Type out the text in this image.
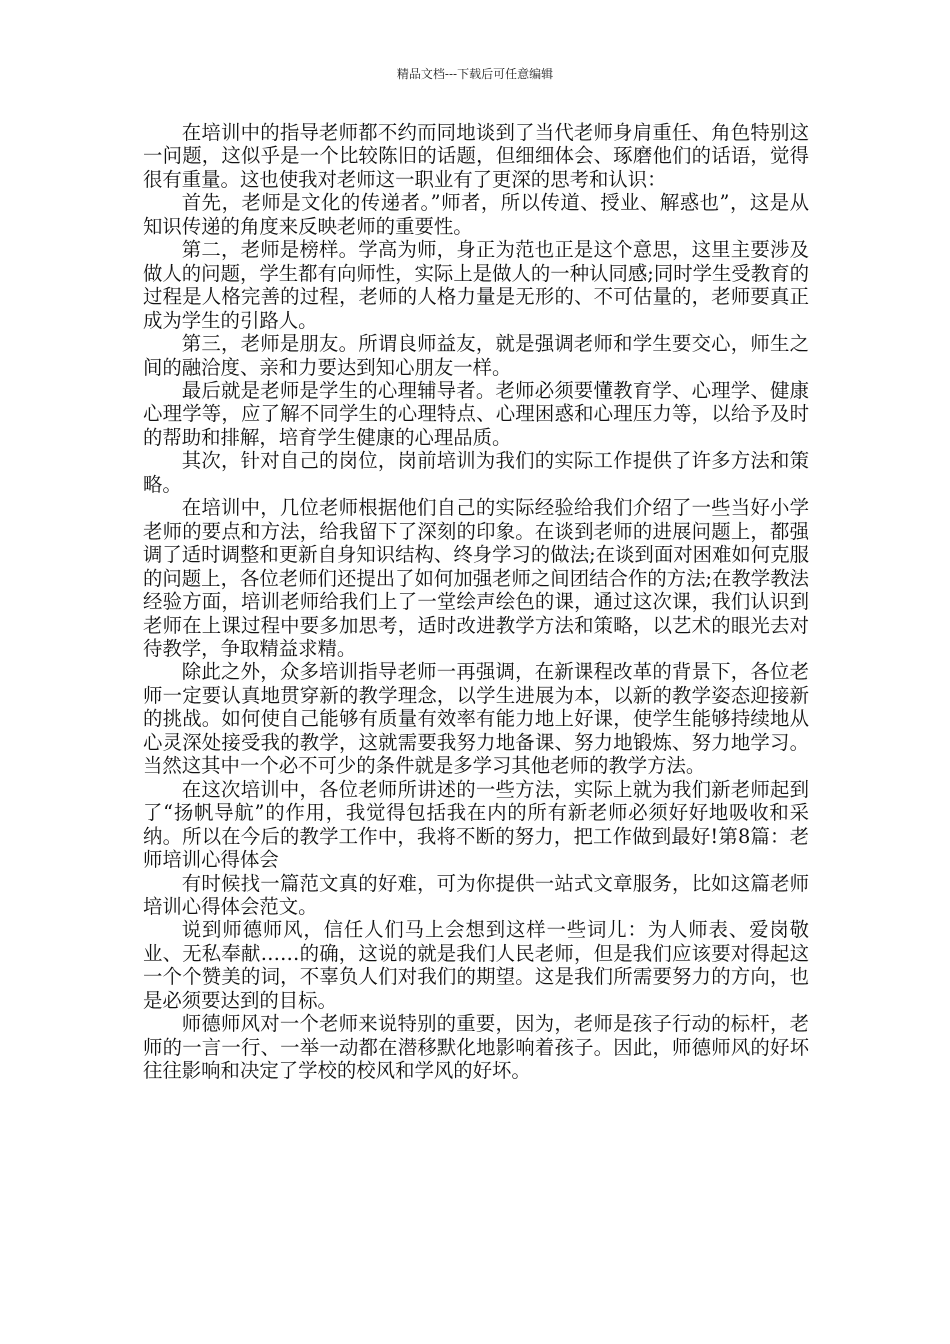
精品文档---下载后可任意编辑

在培训中的指导老师都不约而同地谈到了当代老师身肩重任、角色特别这一问题，这似乎是一个比较陈旧的话题，但细细体会、琢磨他们的话语，觉得很有重量。这也使我对老师这一职业有了更深的思考和认识：

首先，老师是文化的传递者。”师者，所以传道、授业、解惑也”，这是从知识传递的角度来反映老师的重要性。

第二，老师是榜样。学高为师，身正为范也正是这个意思，这里主要涉及做人的问题，学生都有向师性，实际上是做人的一种认同感;同时学生受教育的过程是人格完善的过程，老师的人格力量是无形的、不可估量的，老师要真正成为学生的引路人。

第三，老师是朋友。所谓良师益友，就是强调老师和学生要交心，师生之间的融洽度、亲和力要达到知心朋友一样。

最后就是老师是学生的心理辅导者。老师必须要懂教育学、心理学、健康心理学等，应了解不同学生的心理特点、心理困惑和心理压力等，以给予及时的帮助和排解，培育学生健康的心理品质。

其次，针对自己的岗位，岗前培训为我们的实际工作提供了许多方法和策略。

在培训中，几位老师根据他们自己的实际经验给我们介绍了一些当好小学老师的要点和方法，给我留下了深刻的印象。在谈到老师的进展问题上，都强调了适时调整和更新自身知识结构、终身学习的做法;在谈到面对困难如何克服的问题上，各位老师们还提出了如何加强老师之间团结合作的方法;在教学教法经验方面，培训老师给我们上了一堂绘声绘色的课，通过这次课，我们认识到老师在上课过程中要多加思考，适时改进教学方法和策略，以艺术的眼光去对待教学，争取精益求精。

除此之外，众多培训指导老师一再强调，在新课程改革的背景下，各位老师一定要认真地贯穿新的教学理念，以学生进展为本，以新的教学姿态迎接新的挑战。如何使自己能够有质量有效率有能力地上好课，使学生能够持续地从心灵深处接受我的教学，这就需要我努力地备课、努力地锻炼、努力地学习。当然这其中一个必不可少的条件就是多学习其他老师的教学方法。

在这次培训中，各位老师所讲述的一些方法，实际上就为我们新老师起到了“扬帆导航”的作用，我觉得包括我在内的所有新老师必须好好地吸收和采纳。所以在今后的教学工作中，我将不断的努力，把工作做到最好!第8篇：老师培训心得体会

有时候找一篇范文真的好难，可为你提供一站式文章服务，比如这篇老师培训心得体会范文。

说到师德师风，信任人们马上会想到这样一些词儿：为人师表、爱岗敬业、无私奉献……的确，这说的就是我们人民老师，但是我们应该要对得起这一个个赞美的词，不辜负人们对我们的期望。这是我们所需要努力的方向，也是必须要达到的目标。

师德师风对一个老师来说特别的重要，因为，老师是孩子行动的标杆，老师的一言一行、一举一动都在潜移默化地影响着孩子。因此，师德师风的好坏往往影响和决定了学校的校风和学风的好坏。
